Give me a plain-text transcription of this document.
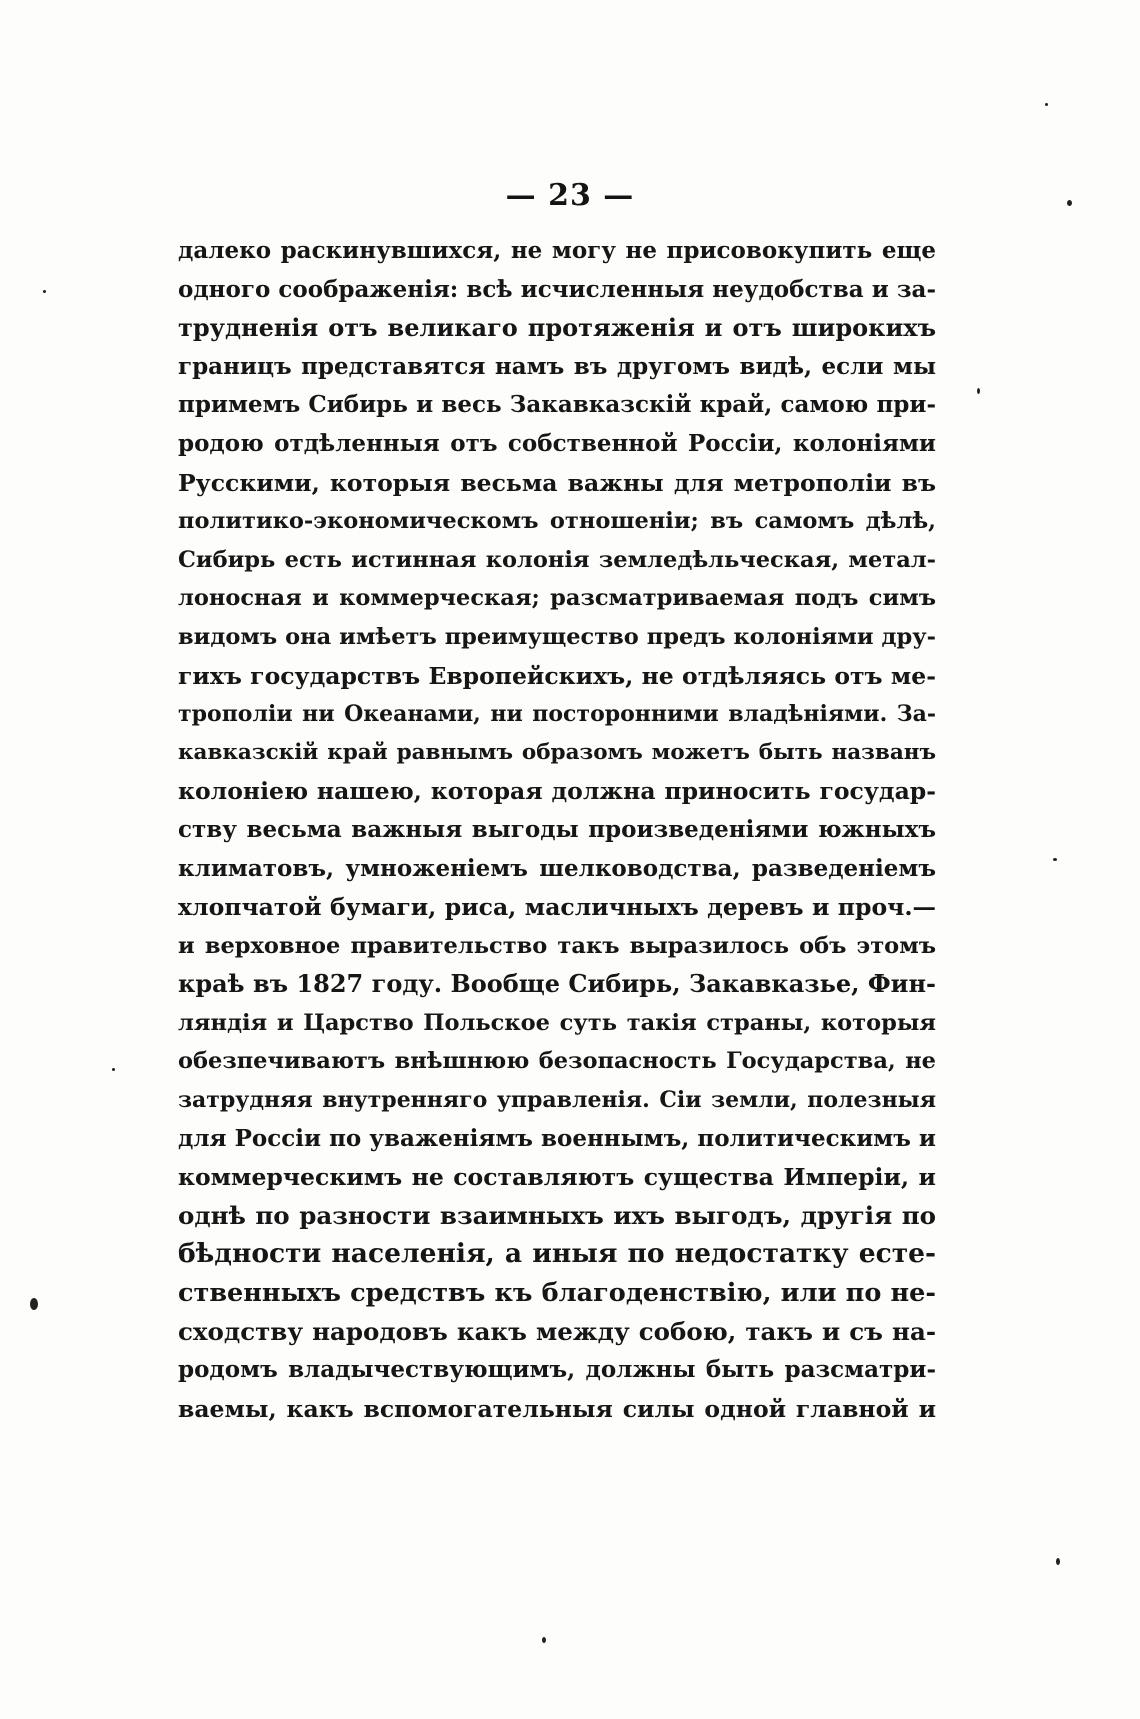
— 23 —
далеко раскинувшихся, не могу не присовокупить еще
одного соображенія: всѣ исчисленныя неудобства и за-
трудненія отъ великаго протяженія и отъ широкихъ
границъ представятся намъ въ другомъ видѣ, если мы
примемъ Сибирь и весь Закавказскій край, самою при-
родою отдѣленныя отъ собственной Россіи, колоніями
Русскими, которыя весьма важны для метрополіи въ
политико-экономическомъ отношеніи; въ самомъ дѣлѣ,
Сибирь есть истинная колонія земледѣльческая, метал-
лоносная и коммерческая; разсматриваемая подъ симъ
видомъ она имѣетъ преимущество предъ колоніями дру-
гихъ государствъ Европейскихъ, не отдѣляясь отъ ме-
трополіи ни Океанами, ни посторонними владѣніями. За-
кавказскій край равнымъ образомъ можетъ быть названъ
колоніею нашею, которая должна приносить государ-
ству весьма важныя выгоды произведеніями южныхъ
климатовъ, умноженіемъ шелководства, разведеніемъ
хлопчатой бумаги, риса, масличныхъ деревъ и проч.—
и верховное правительство такъ выразилось объ этомъ
краѣ въ 1827 году. Вообще Сибирь, Закавказье, Фин-
ляндія и Царство Польское суть такія страны, которыя
обезпечиваютъ внѣшнюю безопасность Государства, не
затрудняя внутренняго управленія. Сіи земли, полезныя
для Россіи по уваженіямъ военнымъ, политическимъ и
коммерческимъ не составляютъ существа Имперіи, и
однѣ по разности взаимныхъ ихъ выгодъ, другія по
бѣдности населенія, а иныя по недостатку есте-
ственныхъ средствъ къ благоденствію, или по не-
сходству народовъ какъ между собою, такъ и съ на-
родомъ владычествующимъ, должны быть разсматри-
ваемы, какъ вспомогательныя силы одной главной и
